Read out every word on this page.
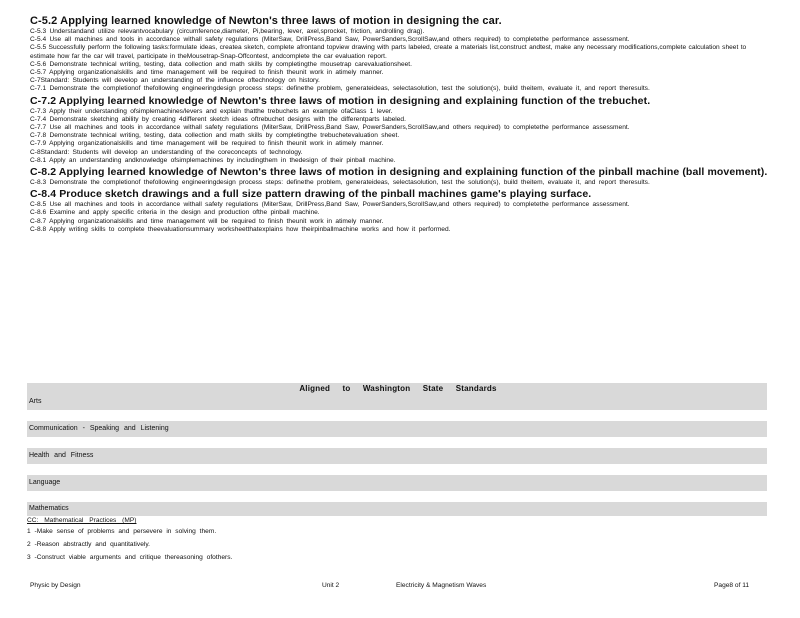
C-5.2 Applying learned knowledge of Newton's three laws of motion in designing the car.
C-5.3 Understandand utilize relevantvocabulary (circumference,diameter, Pi,bearing, lever, axel,sprocket, friction, androlling drag).
C-5.4 Use all machines and tools in accordance withall safety regulations (MiterSaw, DrillPress,Band Saw, PowerSanders,ScrollSaw,and others required) to completethe performance assessment.
C-5.5 Successfully perform the following tasks:formulate ideas, createa sketch, complete afrontand topview drawing with parts labeled, create a materials list,construct andtest, make any necessary modifications,complete calculation sheet to estimate how far the car will travel, participate in theMousetrap-Snap-Offcontest, andcomplete the car evaluation report.
C-5.6 Demonstrate technical writing, testing, data collection and math skills by completingthe mousetrap carevaluationsheet.
C-5.7 Applying organizationalskills and time management will be required to finish theunit work in atimely manner.
C-7Standard: Students will develop an understanding of the influence oftechnology on history.
C-7.1 Demonstrate the completionof thefollowing engineeringdesign process steps: definethe problem, generateideas, selectasolution, test the solution(s), build theitem, evaluate it, and report theresults.
C-7.2 Applying learned knowledge of Newton's three laws of motion in designing and explaining function of the trebuchet.
C-7.3 Apply their understanding ofsimplemachines/levers and explain thatthe trebuchets an example ofaClass 1 lever.
C-7.4 Demonstrate sketching ability by creating 4different sketch ideas oftrebuchet designs with the differentparts labeled.
C-7.7 Use all machines and tools in accordance withall safety regulations (MiterSaw, DrillPress,Band Saw, PowerSanders,ScrollSaw,and others required) to completethe performance assessment.
C-7.8 Demonstrate technical writing, testing, data collection and math skills by completingthe trebuchetevaluation sheet.
C-7.9 Applying organizationalskills and time management will be required to finish theunit work in atimely manner.
C-8Standard: Students will develop an understanding of the coreconcepts of technology.
C-8.1 Apply an understanding andknowledge ofsimplemachines by includingthem in thedesign of their pinball machine.
C-8.2 Applying learned knowledge of Newton's three laws of motion in designing and explaining function of the pinball machine (ball movement).
C-8.3 Demonstrate the completionof thefollowing engineeringdesign process steps: definethe problem, generateideas, selectasolution, test the solution(s), build theitem, evaluate it, and report theresults.
C-8.4 Produce sketch drawings and a full size pattern drawing of the pinball machines game's playing surface.
C-8.5 Use all machines and tools in accordance withall safety regulations (MiterSaw, DrillPress,Band Saw, PowerSanders,ScrollSaw,and others required) to completethe performance assessment.
C-8.6 Examine and apply specific criteria in the design and production ofthe pinball machine.
C-8.7 Applying organizationalskills and time management will be required to finish theunit work in atimely manner.
C-8.8 Apply writing skills to complete theevaluationsummary worksheetthatexplains how theirpinballmachine works and how it performed.
Aligned to Washington State Standards
Arts
Communication - Speaking and Listening
Health and Fitness
Language
Mathematics
CC: Mathematical Practices (MP)
1 -Make sense of problems and persevere in solving them.
2 -Reason abstractly and quantitatively.
3 -Construct viable arguments and critique thereasoning ofothers.
Physic by Design	Unit 2	Electricity & Magnetism Waves	Page8 of 11
